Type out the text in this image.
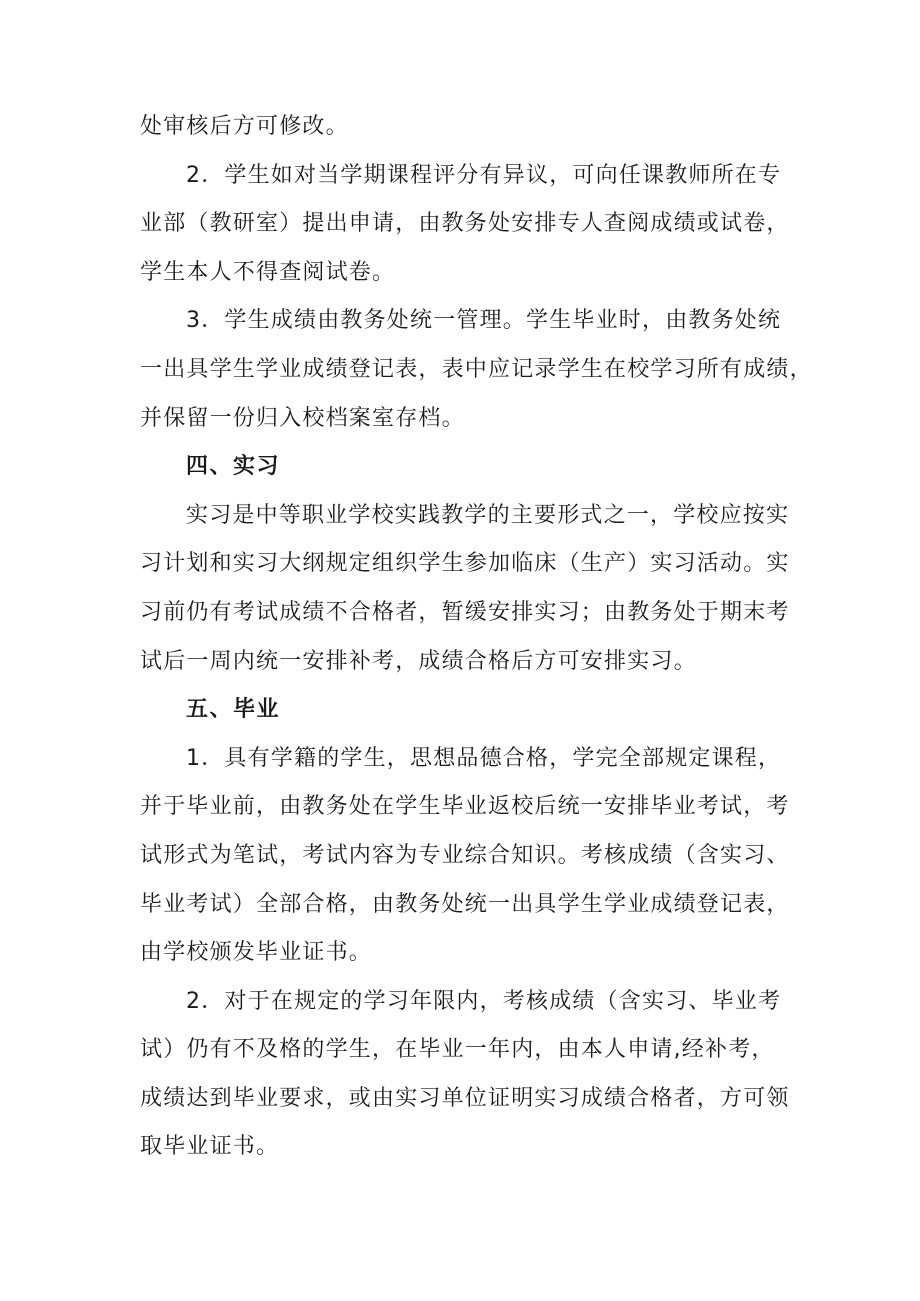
处审核后方可修改。
2．学生如对当学期课程评分有异议，可向任课教师所在专
业部（教研室）提出申请，由教务处安排专人查阅成绩或试卷，
学生本人不得查阅试卷。
3．学生成绩由教务处统一管理。学生毕业时，由教务处统
一出具学生学业成绩登记表，表中应记录学生在校学习所有成绩，
并保留一份归入校档案室存档。
四、实习
实习是中等职业学校实践教学的主要形式之一，学校应按实
习计划和实习大纲规定组织学生参加临床（生产）实习活动。实
习前仍有考试成绩不合格者，暂缓安排实习；由教务处于期末考
试后一周内统一安排补考，成绩合格后方可安排实习。
五、毕业
1．具有学籍的学生，思想品德合格，学完全部规定课程，
并于毕业前，由教务处在学生毕业返校后统一安排毕业考试，考
试形式为笔试，考试内容为专业综合知识。考核成绩（含实习、
毕业考试）全部合格，由教务处统一出具学生学业成绩登记表，
由学校颁发毕业证书。
2．对于在规定的学习年限内，考核成绩（含实习、毕业考
试）仍有不及格的学生，在毕业一年内，由本人申请,经补考，
成绩达到毕业要求，或由实习单位证明实习成绩合格者，方可领
取毕业证书。
